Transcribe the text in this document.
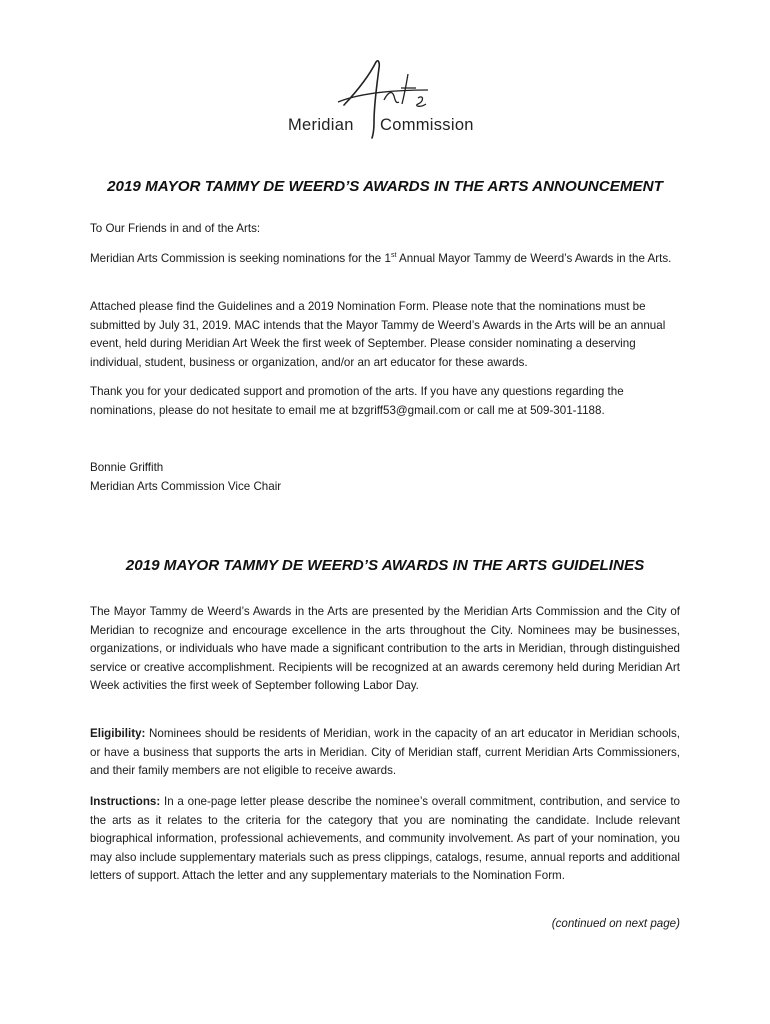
Arts
Meridian Commission
2019 MAYOR TAMMY DE WEERD’S AWARDS IN THE ARTS ANNOUNCEMENT
To Our Friends in and of the Arts:
Meridian Arts Commission is seeking nominations for the 1st Annual Mayor Tammy de Weerd’s Awards in the Arts.
Attached please find the Guidelines and a 2019 Nomination Form. Please note that the nominations must be submitted by July 31, 2019. MAC intends that the Mayor Tammy de Weerd’s Awards in the Arts will be an annual event, held during Meridian Art Week the first week of September. Please consider nominating a deserving individual, student, business or organization, and/or an art educator for these awards.
Thank you for your dedicated support and promotion of the arts. If you have any questions regarding the nominations, please do not hesitate to email me at bzgriff53@gmail.com or call me at 509-301-1188.
Bonnie Griffith
Meridian Arts Commission Vice Chair
2019 MAYOR TAMMY DE WEERD’S AWARDS IN THE ARTS GUIDELINES
The Mayor Tammy de Weerd’s Awards in the Arts are presented by the Meridian Arts Commission and the City of Meridian to recognize and encourage excellence in the arts throughout the City. Nominees may be businesses, organizations, or individuals who have made a significant contribution to the arts in Meridian, through distinguished service or creative accomplishment. Recipients will be recognized at an awards ceremony held during Meridian Art Week activities the first week of September following Labor Day.
Eligibility: Nominees should be residents of Meridian, work in the capacity of an art educator in Meridian schools, or have a business that supports the arts in Meridian. City of Meridian staff, current Meridian Arts Commissioners, and their family members are not eligible to receive awards.
Instructions: In a one-page letter please describe the nominee’s overall commitment, contribution, and service to the arts as it relates to the criteria for the category that you are nominating the candidate. Include relevant biographical information, professional achievements, and community involvement. As part of your nomination, you may also include supplementary materials such as press clippings, catalogs, resume, annual reports and additional letters of support. Attach the letter and any supplementary materials to the Nomination Form.
(continued on next page)
